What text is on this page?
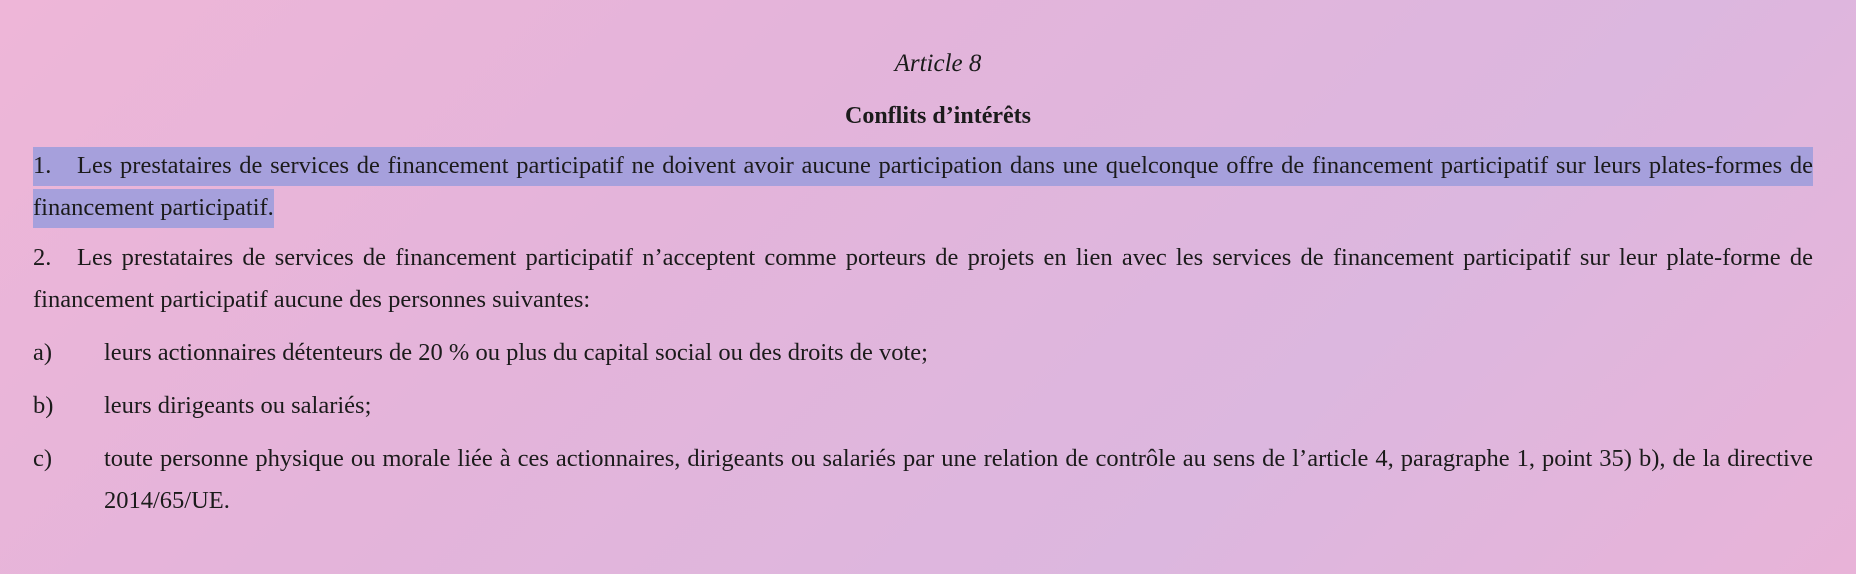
Article 8

Conflits d’intérêts

1. Les prestataires de services de financement participatif ne doivent avoir aucune participation dans une quelconque offre de financement participatif sur leurs plates-formes de financement participatif.

2. Les prestataires de services de financement participatif n’acceptent comme porteurs de projets en lien avec les services de financement participatif sur leur plate-forme de financement participatif aucune des personnes suivantes:

a)	leurs actionnaires détenteurs de 20 % ou plus du capital social ou des droits de vote;

b)	leurs dirigeants ou salariés;

c)	toute personne physique ou morale liée à ces actionnaires, dirigeants ou salariés par une relation de contrôle au sens de l’article 4, paragraphe 1, point 35) b), de la directive 2014/65/UE.
